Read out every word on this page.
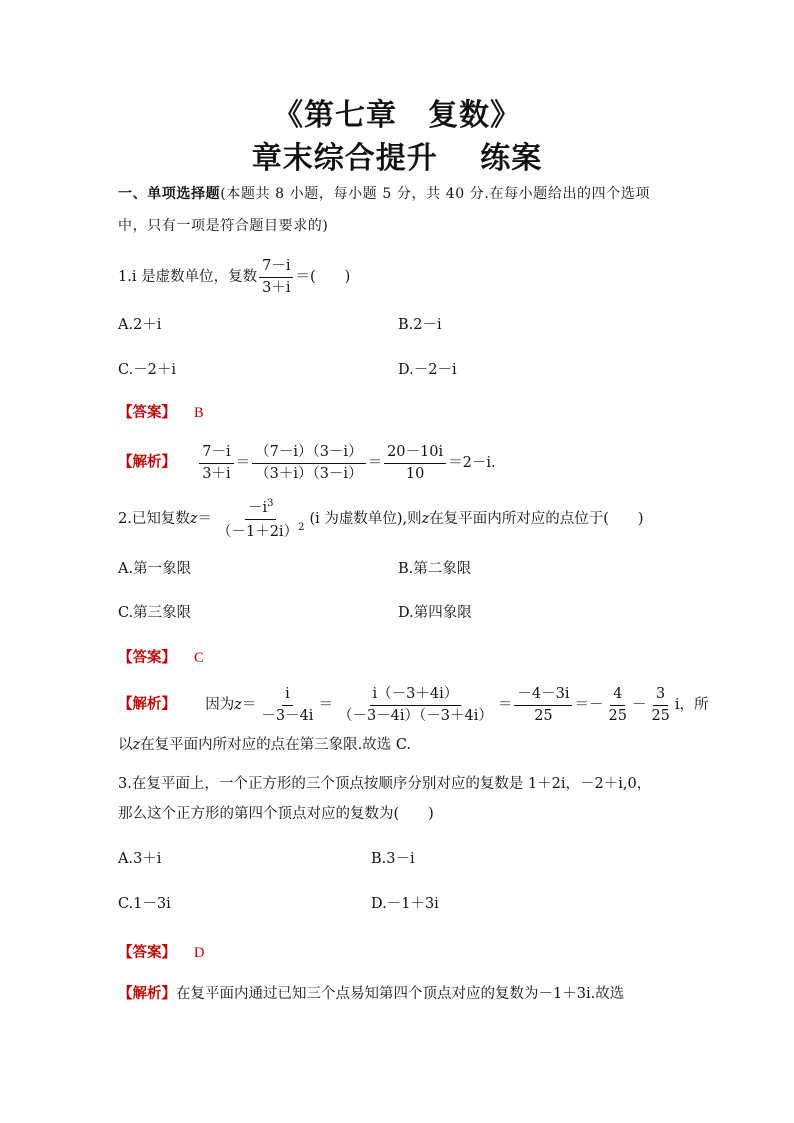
《第七章　复数》
章末综合提升　 练案
一、单项选择题(本题共 8 小题，每小题 5 分，共 40 分.在每小题给出的四个选项
中，只有一项是符合题目要求的)
1.i 是虚数单位，复数 $\frac{7-i}{3+i}$ ＝(　　)
A.2＋i	B.2－i
C.－2＋i	D.－2－i
【答案】 B
【解析】 $\frac{7-i}{3+i} = \frac{(7-i)(3-i)}{(3+i)(3-i)} = \frac{20-10i}{10} =2-i$.
2.已知复数$z= \frac{-i^3}{(-1+2i)^2} (i$ 为虚数单位),则z在复平面内所对应的点位于(　　)
A.第一象限	B.第二象限
C.第三象限	D.第四象限
【答案】 C
【解析】 因为$z= \frac{i}{-3-4i} = \frac{i(-3+4i)}{(-3-4i)(-3+4i)} = \frac{-4-3i}{25} =- \frac{4}{25} - \frac{3}{25}$ i，所
以z在复平面内所对应的点在第三象限.故选 C.
3.在复平面上，一个正方形的三个顶点按顺序分别对应的复数是 1＋2i，－2＋i,0，
那么这个正方形的第四个顶点对应的复数为(　　)
A.3＋i	B.3－i
C.1－3i	D.－1＋3i
【答案】 D
【解析】在复平面内通过已知三个点易知第四个顶点对应的复数为－1＋3i.故选
